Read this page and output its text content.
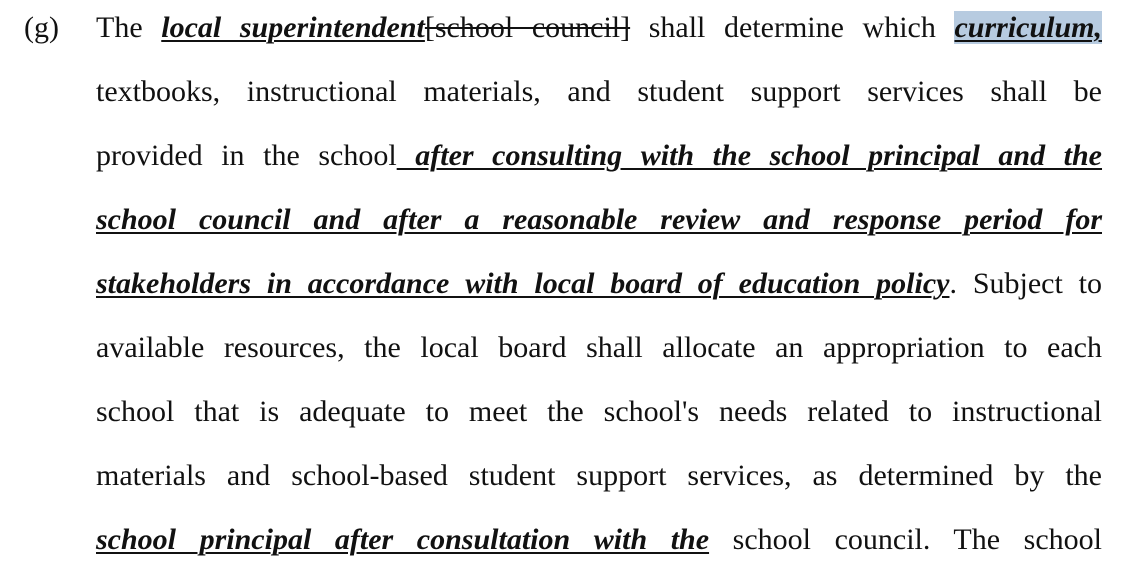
(g) The local superintendent[school council] shall determine which curriculum,
textbooks, instructional materials, and student support services shall be
provided in the school after consulting with the school principal and the
school council and after a reasonable review and response period for
stakeholders in accordance with local board of education policy. Subject to
available resources, the local board shall allocate an appropriation to each
school that is adequate to meet the school's needs related to instructional
materials and school-based student support services, as determined by the
school principal after consultation with the school council. The school
